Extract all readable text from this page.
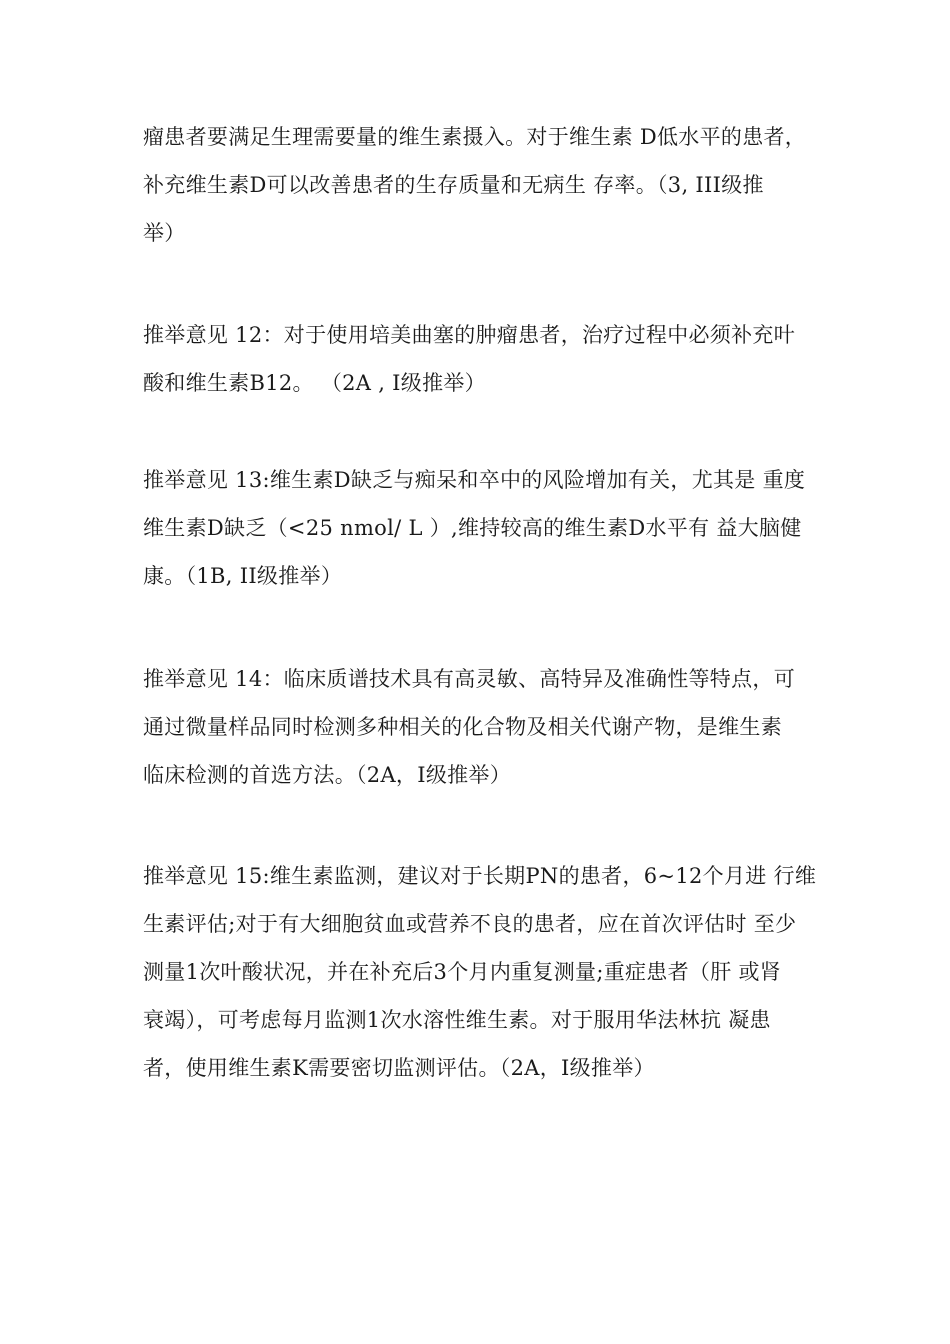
瘤患者要满足生理需要量的维生素摄入。对于维生素 D低水平的患者，
补充维生素D可以改善患者的生存质量和无病生 存率。（3, III级推
举）
推举意见 12：对于使用培美曲塞的肿瘤患者，治疗过程中必须补充叶
酸和维生素B12。 （2A , I级推举）
推举意见 13:维生素D缺乏与痴呆和卒中的风险增加有关，尤其是 重度
维生素D缺乏（<25 nmol/ L ）,维持较高的维生素D水平有 益大脑健
康。（1B, II级推举）
推举意见 14：临床质谱技术具有高灵敏、高特异及准确性等特点，可
通过微量样品同时检测多种相关的化合物及相关代谢产物，是维生素
临床检测的首选方法。（2A，I级推举）
推举意见 15:维生素监测，建议对于长期PN的患者，6~12个月进 行维
生素评估;对于有大细胞贫血或营养不良的患者，应在首次评估时 至少
测量1次叶酸状况，并在补充后3个月内重复测量;重症患者（肝 或肾
衰竭），可考虑每月监测1次水溶性维生素。对于服用华法林抗 凝患
者，使用维生素K需要密切监测评估。（2A，I级推举）
